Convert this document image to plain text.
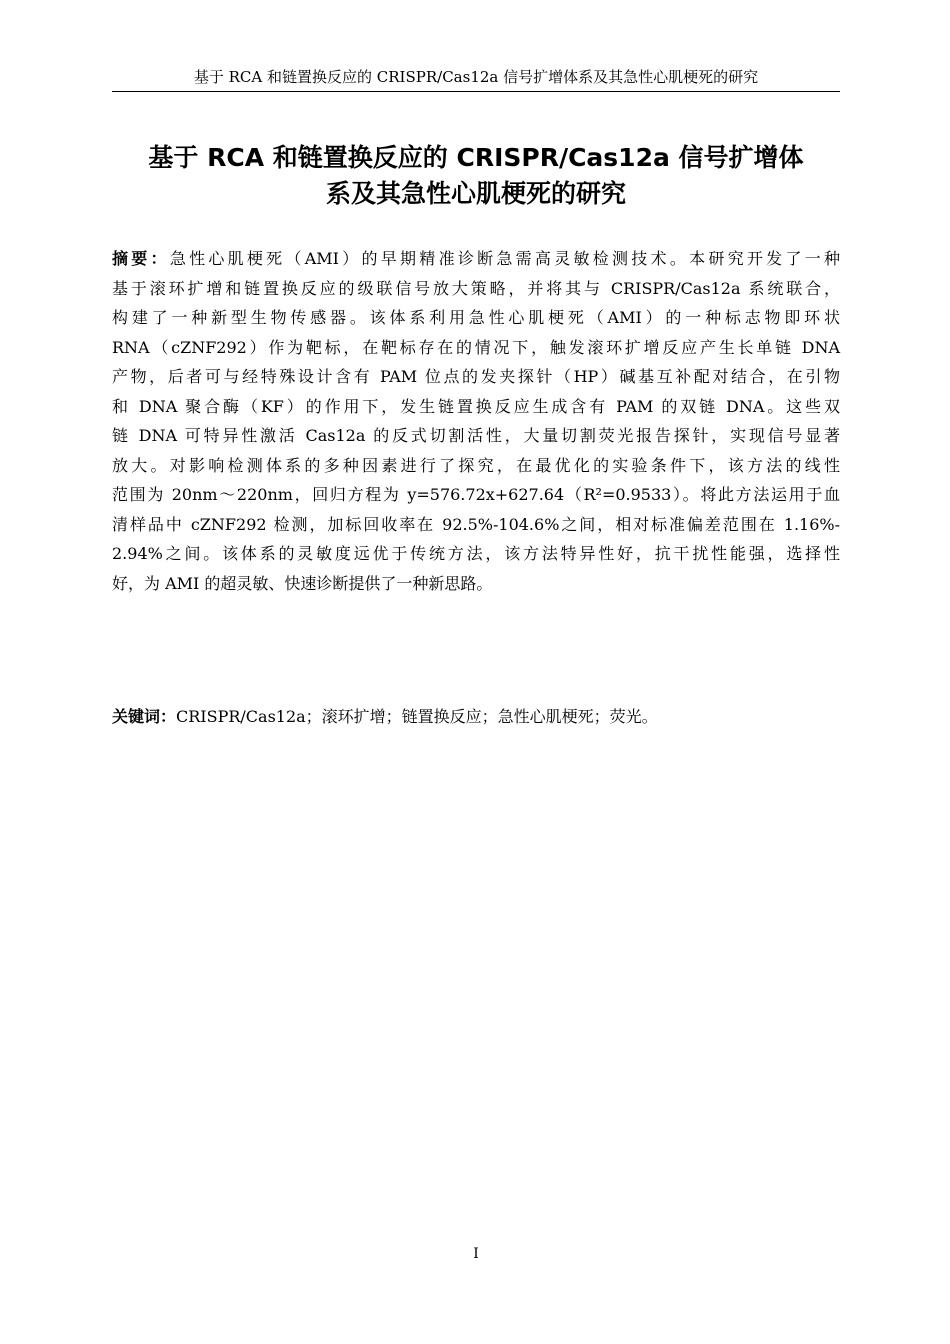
基于 RCA 和链置换反应的 CRISPR/Cas12a 信号扩增体系及其急性心肌梗死的研究
基于 RCA 和链置换反应的 CRISPR/Cas12a 信号扩增体
系及其急性心肌梗死的研究
摘要：急性心肌梗死（AMI）的早期精准诊断急需高灵敏检测技术。本研究开发了一种
基于滚环扩增和链置换反应的级联信号放大策略，并将其与 CRISPR/Cas12a 系统联合，
构建了一种新型生物传感器。该体系利用急性心肌梗死（AMI）的一种标志物即环状
RNA（cZNF292）作为靶标，在靶标存在的情况下，触发滚环扩增反应产生长单链 DNA
产物，后者可与经特殊设计含有 PAM 位点的发夹探针（HP）碱基互补配对结合，在引物
和 DNA 聚合酶（KF）的作用下，发生链置换反应生成含有 PAM 的双链 DNA。这些双
链 DNA 可特异性激活 Cas12a 的反式切割活性，大量切割荧光报告探针，实现信号显著
放大。对影响检测体系的多种因素进行了探究，在最优化的实验条件下，该方法的线性
范围为 20nm～220nm，回归方程为 y=576.72x+627.64（R²=0.9533）。将此方法运用于血
清样品中 cZNF292 检测，加标回收率在 92.5%-104.6%之间，相对标准偏差范围在 1.16%-
2.94%之间。该体系的灵敏度远优于传统方法，该方法特异性好，抗干扰性能强，选择性
好，为 AMI 的超灵敏、快速诊断提供了一种新思路。
关键词：CRISPR/Cas12a；滚环扩增；链置换反应；急性心肌梗死；荧光。
I
